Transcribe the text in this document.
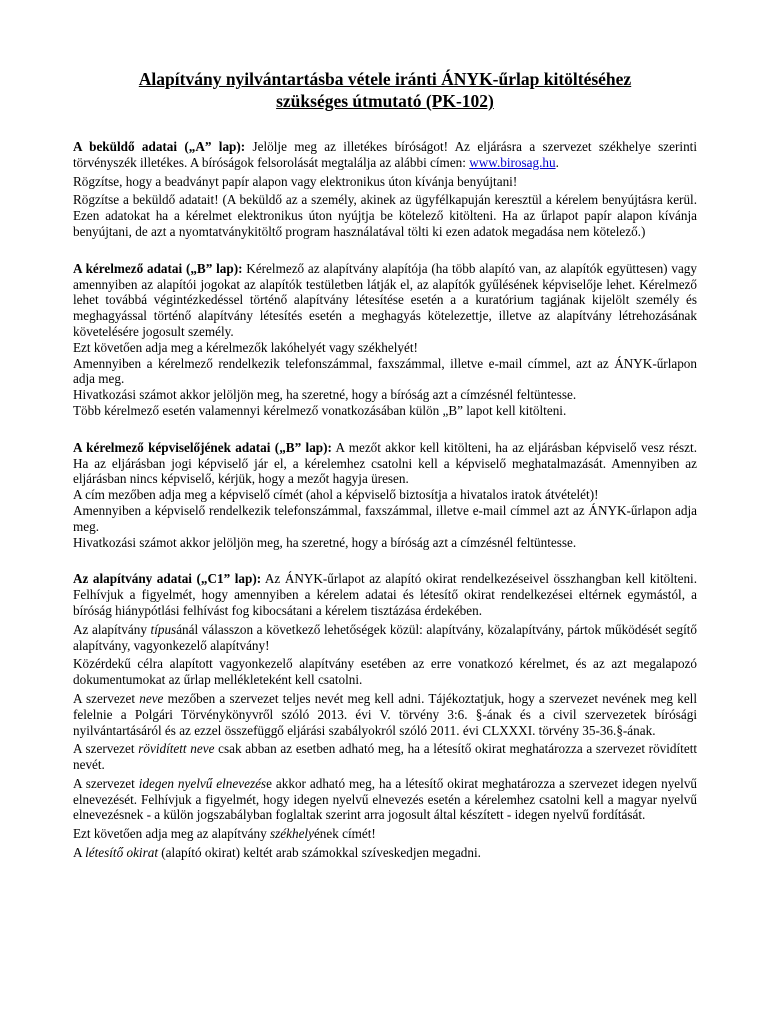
Alapítvány nyilvántartásba vétele iránti ÁNYK-űrlap kitöltéséhez
szükséges útmutató (PK-102)

A beküldő adatai („A” lap): Jelölje meg az illetékes bíróságot! Az eljárásra a szervezet székhelye szerinti törvényszék illetékes. A bíróságok felsorolását megtalálja az alábbi címen: www.birosag.hu.

Rögzítse, hogy a beadványt papír alapon vagy elektronikus úton kívánja benyújtani!

Rögzítse a beküldő adatait! (A beküldő az a személy, akinek az ügyfélkapuján keresztül a kérelem benyújtásra kerül. Ezen adatokat ha a kérelmet elektronikus úton nyújtja be kötelező kitölteni. Ha az űrlapot papír alapon kívánja benyújtani, de azt a nyomtatványkitöltő program használatával tölti ki ezen adatok megadása nem kötelező.)

A kérelmező adatai („B” lap): Kérelmező az alapítvány alapítója (ha több alapító van, az alapítók együttesen) vagy amennyiben az alapítói jogokat az alapítók testületben látják el, az alapítók gyűlésének képviselője lehet. Kérelmező lehet továbbá végintézkedéssel történő alapítvány létesítése esetén a a kuratórium tagjának kijelölt személy és meghagyással történő alapítvány létesítés esetén a meghagyás kötelezettje, illetve az alapítvány létrehozásának követelésére jogosult személy.

Ezt követően adja meg a kérelmezők lakóhelyét vagy székhelyét!

Amennyiben a kérelmező rendelkezik telefonszámmal, faxszámmal, illetve e-mail címmel, azt az ÁNYK-űrlapon adja meg.

Hivatkozási számot akkor jelöljön meg, ha szeretné, hogy a bíróság azt a címzésnél feltüntesse.

Több kérelmező esetén valamennyi kérelmező vonatkozásában külön „B” lapot kell kitölteni.

A kérelmező képviselőjének adatai („B” lap): A mezőt akkor kell kitölteni, ha az eljárásban képviselő vesz részt. Ha az eljárásban jogi képviselő jár el, a kérelemhez csatolni kell a képviselő meghatalmazását. Amennyiben az eljárásban nincs képviselő, kérjük, hogy a mezőt hagyja üresen.

A cím mezőben adja meg a képviselő címét (ahol a képviselő biztosítja a hivatalos iratok átvételét)!

Amennyiben a képviselő rendelkezik telefonszámmal, faxszámmal, illetve e-mail címmel azt az ÁNYK-űrlapon adja meg.

Hivatkozási számot akkor jelöljön meg, ha szeretné, hogy a bíróság azt a címzésnél feltüntesse.

Az alapítvány adatai („C1” lap): Az ÁNYK-űrlapot az alapító okirat rendelkezéseivel összhangban kell kitölteni. Felhívjuk a figyelmét, hogy amennyiben a kérelem adatai és létesítő okirat rendelkezései eltérnek egymástól, a bíróság hiánypótlási felhívást fog kibocsátani a kérelem tisztázása érdekében.

Az alapítvány típusánál válasszon a következő lehetőségek közül: alapítvány, közalapítvány, pártok működését segítő alapítvány, vagyonkezelő alapítvány!

Közérdekű célra alapított vagyonkezelő alapítvány esetében az erre vonatkozó kérelmet, és az azt megalapozó dokumentumokat az űrlap mellékleteként kell csatolni.

A szervezet neve mezőben a szervezet teljes nevét meg kell adni. Tájékoztatjuk, hogy a szervezet nevének meg kell felelnie a Polgári Törvénykönyvről szóló 2013. évi V. törvény 3:6. §-ának és a civil szervezetek bírósági nyilvántartásáról és az ezzel összefüggő eljárási szabályokról szóló 2011. évi CLXXXI. törvény 35-36.§-ának.

A szervezet rövidített neve csak abban az esetben adható meg, ha a létesítő okirat meghatározza a szervezet rövidített nevét.

A szervezet idegen nyelvű elnevezése akkor adható meg, ha a létesítő okirat meghatározza a szervezet idegen nyelvű elnevezését. Felhívjuk a figyelmét, hogy idegen nyelvű elnevezés esetén a kérelemhez csatolni kell a magyar nyelvű elnevezésnek - a külön jogszabályban foglaltak szerint arra jogosult által készített - idegen nyelvű fordítását.

Ezt követően adja meg az alapítvány székhelyének címét!

A létesítő okirat (alapító okirat) keltét arab számokkal szíveskedjen megadni.
